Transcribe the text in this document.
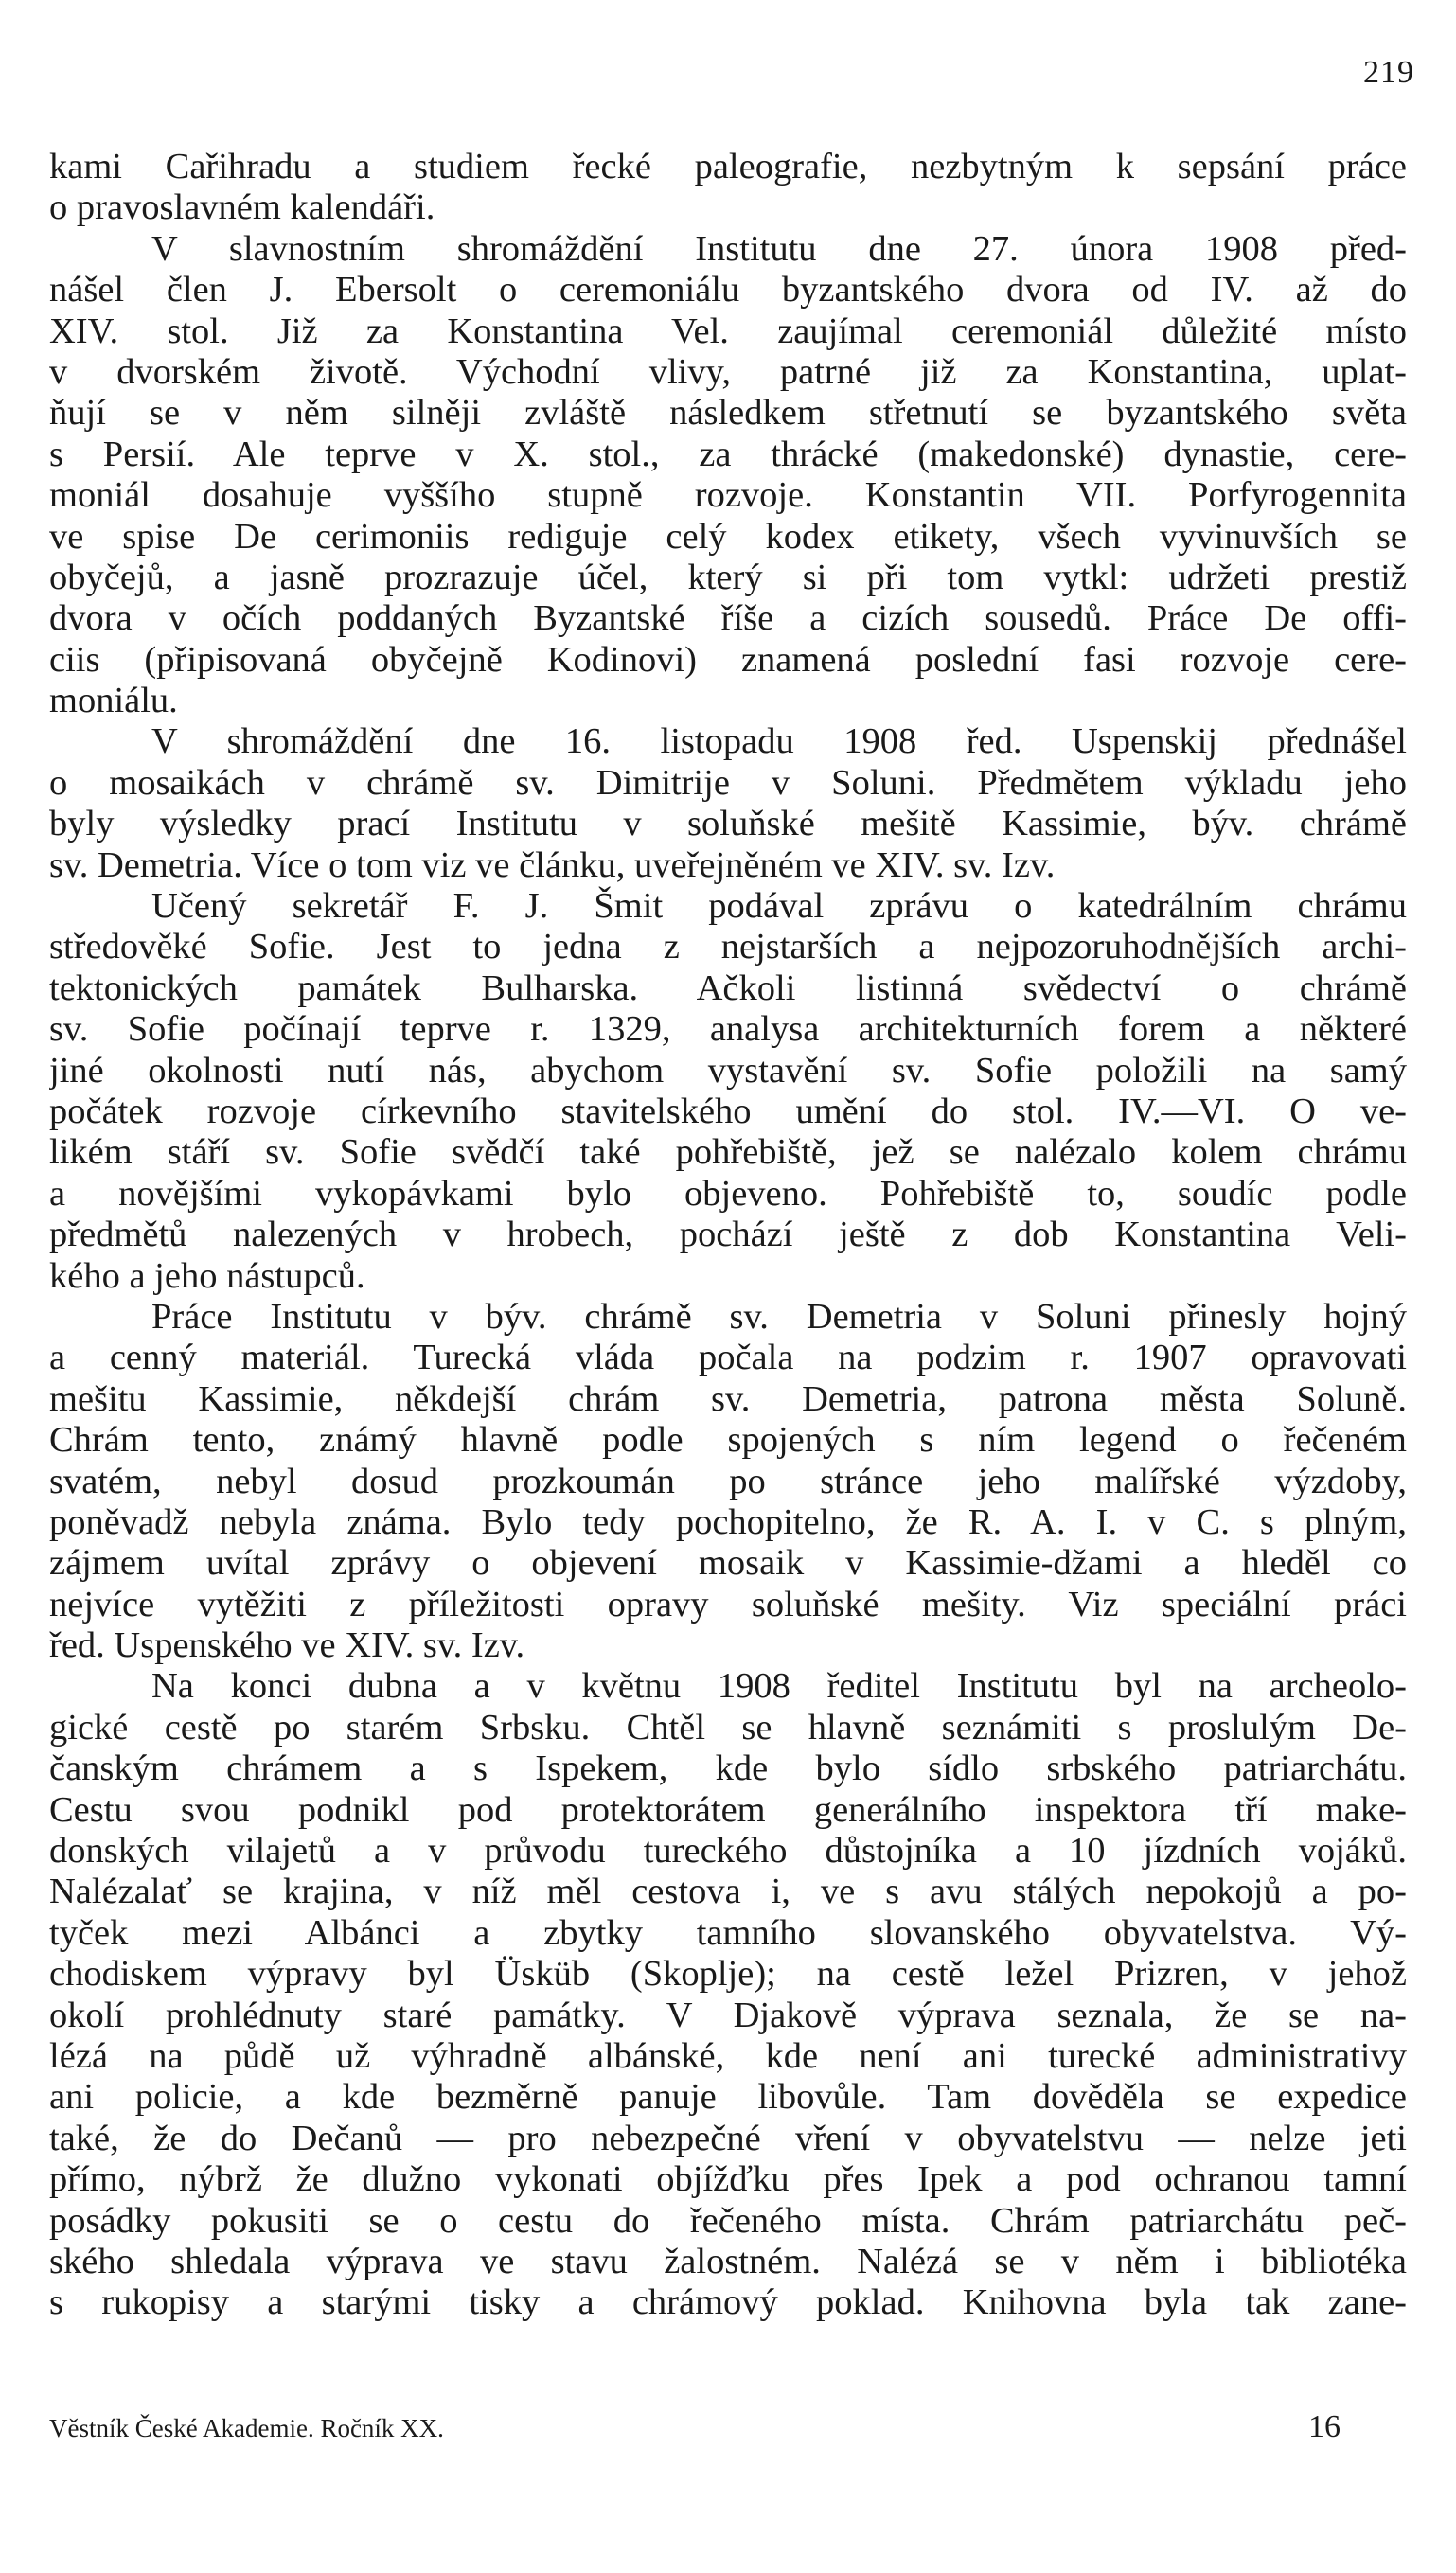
219
kami Cařihradu a studiem řecké paleografie, nezbytným k sepsání práce
o pravoslavném kalendáři.
V slavnostním shromáždění Institutu dne 27. února 1908 před-
nášel člen J. Ebersolt o ceremoniálu byzantského dvora od IV. až do
XIV. stol. Již za Konstantina Vel. zaujímal ceremoniál důležité místo
v dvorském životě. Východní vlivy, patrné již za Konstantina, uplat-
ňují se v něm silněji zvláště následkem střetnutí se byzantského světa
s Persií. Ale teprve v X. stol., za thrácké (makedonské) dynastie, cere-
moniál dosahuje vyššího stupně rozvoje. Konstantin VII. Porfyrogennita
ve spise De cerimoniis rediguje celý kodex etikety, všech vyvinuvších se
obyčejů, a jasně prozrazuje účel, který si při tom vytkl: udržeti prestiž
dvora v očích poddaných Byzantské říše a cizích sousedů. Práce De offi-
ciis (připisovaná obyčejně Kodinovi) znamená poslední fasi rozvoje cere-
moniálu.
V shromáždění dne 16. listopadu 1908 řed. Uspenskij přednášel
o mosaikách v chrámě sv. Dimitrije v Soluni. Předmětem výkladu jeho
byly výsledky prací Institutu v soluňské mešitě Kassimie, býv. chrámě
sv. Demetria. Více o tom viz ve článku, uveřejněném ve XIV. sv. Izv.
Učený sekretář F. J. Šmit podával zprávu o katedrálním chrámu
středověké Sofie. Jest to jedna z nejstarších a nejpozoruhodnějších archi-
tektonických památek Bulharska. Ačkoli listinná svědectví o chrámě
sv. Sofie počínají teprve r. 1329, analysa architekturních forem a některé
jiné okolnosti nutí nás, abychom vystavění sv. Sofie položili na samý
počátek rozvoje církevního stavitelského umění do stol. IV.—VI. O ve-
likém stáří sv. Sofie svědčí také pohřebiště, jež se nalézalo kolem chrámu
a novějšími vykopávkami bylo objeveno. Pohřebiště to, soudíc podle
předmětů nalezených v hrobech, pochází ještě z dob Konstantina Veli-
kého a jeho nástupců.
Práce Institutu v býv. chrámě sv. Demetria v Soluni přinesly hojný
a cenný materiál. Turecká vláda počala na podzim r. 1907 opravovati
mešitu Kassimie, někdejší chrám sv. Demetria, patrona města Soluně.
Chrám tento, známý hlavně podle spojených s ním legend o řečeném
svatém, nebyl dosud prozkoumán po stránce jeho malířské výzdoby,
poněvadž nebyla známa. Bylo tedy pochopitelno, že R. A. I. v C. s plným,
zájmem uvítal zprávy o objevení mosaik v Kassimie-džami a hleděl co
nejvíce vytěžiti z příležitosti opravy soluňské mešity. Viz speciální práci
řed. Uspenského ve XIV. sv. Izv.
Na konci dubna a v květnu 1908 ředitel Institutu byl na archeolo-
gické cestě po starém Srbsku. Chtěl se hlavně seznámiti s proslulým De-
čanským chrámem a s Ispekem, kde bylo sídlo srbského patriarchátu.
Cestu svou podnikl pod protektorátem generálního inspektora tří make-
donských vilajetů a v průvodu tureckého důstojníka a 10 jízdních vojáků.
Nalézalať se krajina, v níž měl cestova i, ve s avu stálých nepokojů a po-
tyček mezi Albánci a zbytky tamního slovanského obyvatelstva. Vý-
chodiskem výpravy byl Üsküb (Skoplje); na cestě ležel Prizren, v jehož
okolí prohlédnuty staré památky. V Djakově výprava seznala, že se na-
lézá na půdě už výhradně albánské, kde není ani turecké administrativy
ani policie, a kde bezměrně panuje libovůle. Tam dověděla se expedice
také, že do Dečanů — pro nebezpečné vření v obyvatelstvu — nelze jeti
přímo, nýbrž že dlužno vykonati objížďku přes Ipek a pod ochranou tamní
posádky pokusiti se o cestu do řečeného místa. Chrám patriarchátu peč-
ského shledala výprava ve stavu žalostném. Nalézá se v něm i bibliotéka
s rukopisy a starými tisky a chrámový poklad. Knihovna byla tak zane-
Věstník České Akademie. Ročník XX.	16
